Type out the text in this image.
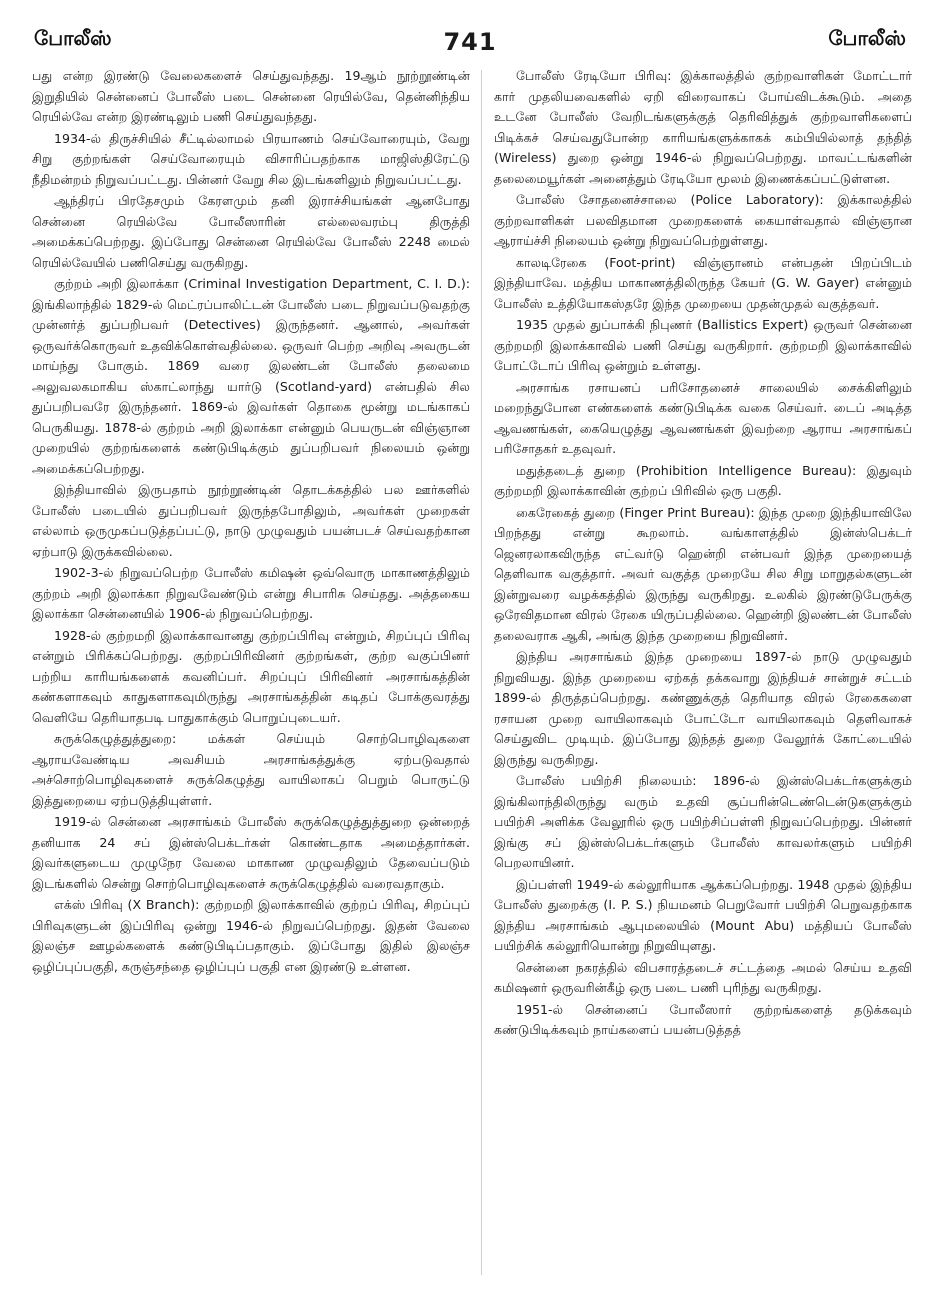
போலீஸ்	741	போலீஸ்

பது என்ற இரண்டு வேலைகளைச் செய்துவந்தது. 19ஆம் நூற்றூண்டின் இறுதியில் சென்னைப் போலீஸ் படை சென்னை ரெயில்வே, தென்னிந்திய ரெயில்வே என்ற இரண்டிலும் பணி செய்துவந்தது.

1934-ல் திருச்சியில் சீட்டில்லாமல் பிரயாணம் செய்வோரையும், வேறு சிறு குற்றங்கள் செய்வோரையும் விசாரிப்பதற்காக மாஜிஸ்திரேட்டு நீதிமன்றம் நிறுவப்பட்டது. பின்னர் வேறு சில இடங்களிலும் நிறுவப்பட்டது.

ஆந்திரப் பிரதேசமும் கேரளமும் தனி இராச்சியங்கள் ஆனபோது சென்னை ரெயில்வே போலீஸாரின் எல்லைவரம்பு திருத்தி அமைக்கப்பெற்றது. இப்போது சென்னை ரெயில்வே போலீஸ் 2248 மைல் ரெயில்வேயில் பணிசெய்து வருகிறது.

குற்றம் அறி இலாக்கா (Criminal Investigation Department, C. I. D.): இங்கிலாந்தில் 1829-ல் மெட்ரப்பாலிட்டன் போலீஸ் படை நிறுவப்படுவதற்கு முன்னர்த் துப்பறிபவர் (Detectives) இருந்தனர். ஆனால், அவர்கள் ஒருவர்க்கொருவர் உதவிக்கொள்வதில்லை. ஒருவர் பெற்ற அறிவு அவருடன் மாய்ந்து போகும். 1869 வரை இலண்டன் போலீஸ் தலைமை அலுவலகமாகிய ஸ்காட்லாந்து யார்டு (Scotland-yard) என்பதில் சில துப்பறிபவரே இருந்தனர். 1869-ல் இவர்கள் தொகை மூன்று மடங்காகப் பெருகியது. 1878-ல் குற்றம் அறி இலாக்கா என்னும் பெயருடன் விஞ்ஞான முறையில் குற்றங்களைக் கண்டுபிடிக்கும் துப்பறிபவர் நிலையம் ஒன்று அமைக்கப்பெற்றது.

இந்தியாவில் இருபதாம் நூற்றூண்டின் தொடக்கத்தில் பல ஊர்களில் போலீஸ் படையில் துப்பறிபவர் இருந்தபோதிலும், அவர்கள் முறைகள் எல்லாம் ஒருமுகப்படுத்தப்பட்டு, நாடு முழுவதும் பயன்படச் செய்வதற்கான ஏற்பாடு இருக்கவில்லை.

1902-3-ல் நிறுவப்பெற்ற போலீஸ் கமிஷன் ஒவ்வொரு மாகாணத்திலும் குற்றம் அறி இலாக்கா நிறுவவேண்டும் என்று சிபாரிசு செய்தது. அத்தகைய இலாக்கா சென்னையில் 1906-ல் நிறுவப்பெற்றது.

1928-ல் குற்றமறி இலாக்காவானது குற்றப்பிரிவு என்றும், சிறப்புப் பிரிவு என்றும் பிரிக்கப்பெற்றது. குற்றப்பிரிவினர் குற்றங்கள், குற்ற வகுப்பினர் பற்றிய காரியங்களைக் கவனிப்பர். சிறப்புப் பிரிவினர் அரசாங்கத்தின் கண்களாகவும் காதுகளாகவுமிருந்து அரசாங்கத்தின் கடிதப் போக்குவரத்து வெளியே தெரியாதபடி பாதுகாக்கும் பொறுப்புடையர்.

சுருக்கெழுத்துத்துறை: மக்கள் செய்யும் சொற்பொழிவுகளை ஆராயவேண்டிய அவசியம் அரசாங்கத்துக்கு ஏற்படுவதால் அச்சொற்பொழிவுகளைச் சுருக்கெழுத்து வாயிலாகப் பெறும் பொருட்டு இத்துறையை ஏற்படுத்தியுள்ளர்.

1919-ல் சென்னை அரசாங்கம் போலீஸ் சுருக்கெழுத்துத்துறை ஒன்றைத் தனியாக 24 சப் இன்ஸ்பெக்டர்கள் கொண்டதாக அமைத்தார்கள். இவர்களுடைய முழுநேர வேலை மாகாண முழுவதிலும் தேவைப்படும் இடங்களில் சென்று சொற்பொழிவுகளைச் சுருக்கெழுத்தில் வரைவதாகும்.

எக்ஸ் பிரிவு (X Branch): குற்றமறி இலாக்காவில் குற்றப் பிரிவு, சிறப்புப் பிரிவுகளுடன் இப்பிரிவு ஒன்று 1946-ல் நிறுவப்பெற்றது. இதன் வேலை இலஞ்ச ஊழல்களைக் கண்டுபிடிப்பதாகும். இப்போது இதில் இலஞ்ச ஒழிப்புப்பகுதி, கருஞ்சந்தை ஒழிப்புப் பகுதி என இரண்டு உள்ளன.

போலீஸ் ரேடியோ பிரிவு: இக்காலத்தில் குற்றவாளிகள் மோட்டார் கார் முதலியவைகளில் ஏறி விரைவாகப் போய்விடக்கூடும். அதை உடனே போலீஸ் வேறிடங்களுக்குத் தெரிவித்துக் குற்றவாளிகளைப் பிடிக்கச் செய்வதுபோன்ற காரியங்களுக்காகக் கம்பியில்லாத் தந்தித் (Wireless) துறை ஒன்று 1946-ல் நிறுவப்பெற்றது. மாவட்டங்களின் தலைமையூர்கள் அனைத்தும் ரேடியோ மூலம் இணைக்கப்பட்டுள்ளன.

போலீஸ் சோதனைச்சாலை (Police Laboratory): இக்காலத்தில் குற்றவாளிகள் பலவிதமான முறைகளைக் கையாள்வதால் விஞ்ஞான ஆராய்ச்சி நிலையம் ஒன்று நிறுவப்பெற்றுள்ளது.

காலடிரேகை (Foot-print) விஞ்ஞானம் என்பதன் பிறப்பிடம் இந்தியாவே. மத்திய மாகாணத்திலிருந்த கேயர் (G. W. Gayer) என்னும் போலீஸ் உத்தியோகஸ்தரே இந்த முறையை முதன்முதல் வகுத்தவர்.

1935 முதல் துப்பாக்கி நிபுணர் (Ballistics Expert) ஒருவர் சென்னை குற்றமறி இலாக்காவில் பணி செய்து வருகிறார். குற்றமறி இலாக்காவில் போட்டோப் பிரிவு ஒன்றும் உள்ளது.

அரசாங்க ரசாயனப் பரிசோதனைச் சாலையில் சைக்கிளிலும் மறைந்துபோன எண்களைக் கண்டுபிடிக்க வகை செய்வர். டைப் அடித்த ஆவணங்கள், கையெழுத்து ஆவணங்கள் இவற்றை ஆராய அரசாங்கப் பரிசோதகர் உதவுவர்.

மதுத்தடைத் துறை (Prohibition Intelligence Bureau): இதுவும் குற்றமறி இலாக்காவின் குற்றப் பிரிவில் ஒரு பகுதி.

கைரேகைத் துறை (Finger Print Bureau): இந்த முறை இந்தியாவிலே பிறந்தது என்று கூறலாம். வங்காளத்தில் இன்ஸ்பெக்டர் ஜெனரலாகவிருந்த எட்வர்டு ஹென்றி என்பவர் இந்த முறையைத் தெளிவாக வகுத்தார். அவர் வகுத்த முறையே சில சிறு மாறுதல்களுடன் இன்றுவரை வழக்கத்தில் இருந்து வருகிறது. உலகில் இரண்டுபேருக்கு ஒரேவிதமான விரல் ரேகை யிருப்பதில்லை. ஹென்றி இலண்டன் போலீஸ் தலைவராக ஆகி, அங்கு இந்த முறையை நிறுவினர்.

இந்திய அரசாங்கம் இந்த முறையை 1897-ல் நாடு முழுவதும் நிறுவியது. இந்த முறையை ஏற்கத் தக்கவாறு இந்தியச் சான்றுச் சட்டம் 1899-ல் திருத்தப்பெற்றது. கண்ணுக்குத் தெரியாத விரல் ரேகைகளை ரசாயன முறை வாயிலாகவும் போட்டோ வாயிலாகவும் தெளிவாகச் செய்துவிட முடியும். இப்போது இந்தத் துறை வேலூர்க் கோட்டையில் இருந்து வருகிறது.

போலீஸ் பயிற்சி நிலையம்: 1896-ல் இன்ஸ்பெக்டர்களுக்கும் இங்கிலாந்திலிருந்து வரும் உதவி சூப்பரின்டெண்டென்டுகளுக்கும் பயிற்சி அளிக்க வேலூரில் ஒரு பயிற்சிப்பள்ளி நிறுவப்பெற்றது. பின்னர் இங்கு சப் இன்ஸ்பெக்டர்களும் போலீஸ் காவலர்களும் பயிற்சி பெறலாயினர்.

இப்பள்ளி 1949-ல் கல்லூரியாக ஆக்கப்பெற்றது. 1948 முதல் இந்திய போலீஸ் துறைக்கு (I. P. S.) நியமனம் பெறுவோர் பயிற்சி பெறுவதற்காக இந்திய அரசாங்கம் ஆபுமலையில் (Mount Abu) மத்தியப் போலீஸ் பயிற்சிக் கல்லூரியொன்று நிறுவியுளது.

சென்னை நகரத்தில் விபசாரத்தடைச் சட்டத்தை அமல் செய்ய உதவி கமிஷனர் ஒருவரின்கீழ் ஒரு படை பணி புரிந்து வருகிறது.

1951-ல் சென்னைப் போலீஸார் குற்றங்களைத் தடுக்கவும் கண்டுபிடிக்கவும் நாய்களைப் பயன்படுத்தத்
